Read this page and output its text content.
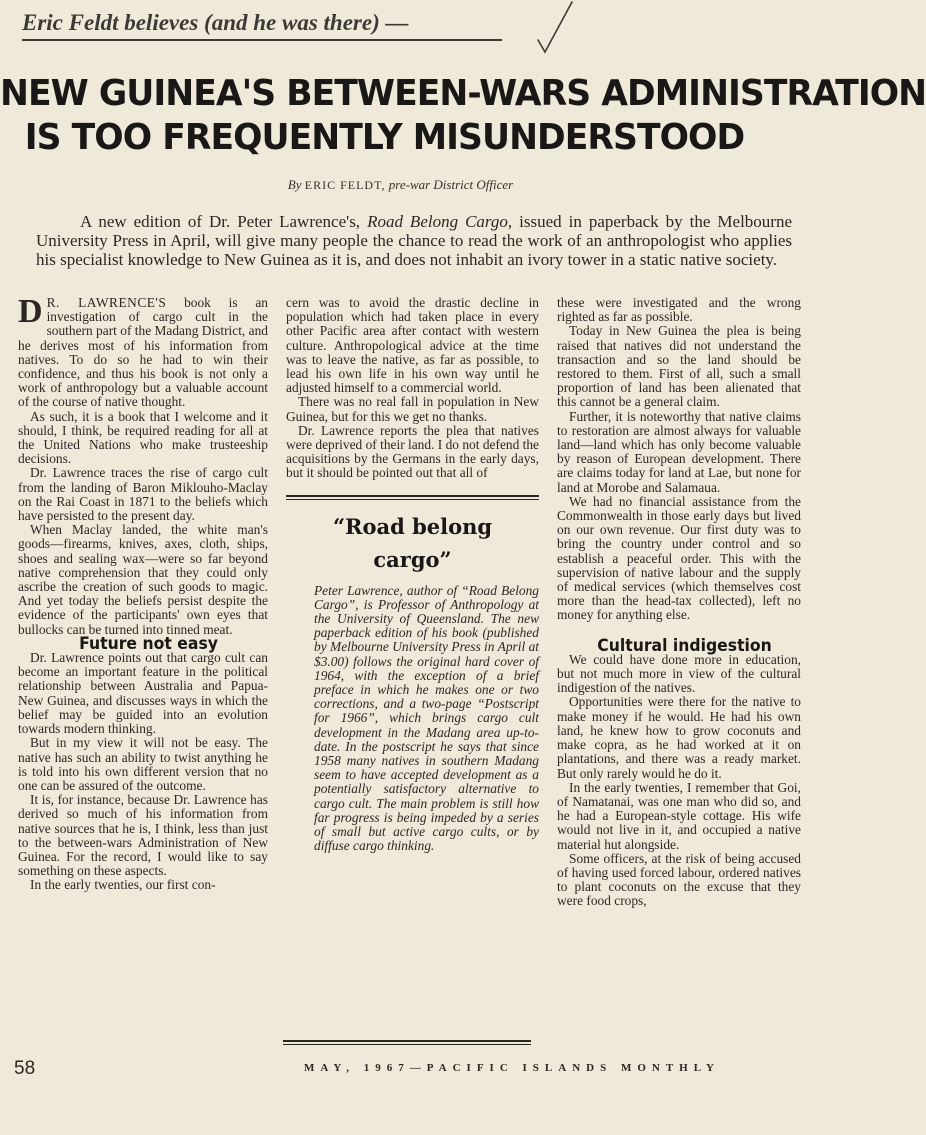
Eric Feldt believes (and he was there) —
NEW GUINEA'S BETWEEN-WARS ADMINISTRATION
IS TOO FREQUENTLY MISUNDERSTOOD
By ERIC FELDT, pre-war District Officer

A new edition of Dr. Peter Lawrence's, Road Belong Cargo, issued in paperback by the Melbourne University Press in April, will give many people the chance to read the work of an anthropologist who applies his specialist knowledge to New Guinea as it is, and does not inhabit an ivory tower in a static native society.

D R. LAWRENCE'S book is an investigation of cargo cult in the southern part of the Madang District, and he derives most of his information from natives. To do so he had to win their confidence, and thus his book is not only a work of anthropology but a valuable account of the course of native thought.

As such, it is a book that I welcome and it should, I think, be required reading for all at the United Nations who make trusteeship decisions.

Dr. Lawrence traces the rise of cargo cult from the landing of Baron Miklouho-Maclay on the Rai Coast in 1871 to the beliefs which have persisted to the present day.

When Maclay landed, the white man's goods—firearms, knives, axes, cloth, ships, shoes and sealing wax—were so far beyond native comprehension that they could only ascribe the creation of such goods to magic. And yet today the beliefs persist despite the evidence of the participants' own eyes that bullocks can be turned into tinned meat.

Future not easy

Dr. Lawrence points out that cargo cult can become an important feature in the political relationship between Australia and Papua-New Guinea, and discusses ways in which the belief may be guided into an evolution towards modern thinking.

But in my view it will not be easy. The native has such an ability to twist anything he is told into his own different version that no one can be assured of the outcome.

It is, for instance, because Dr. Lawrence has derived so much of his information from native sources that he is, I think, less than just to the between-wars Administration of New Guinea. For the record, I would like to say something on these aspects.

In the early twenties, our first con-

cern was to avoid the drastic decline in population which had taken place in every other Pacific area after contact with western culture. Anthropological advice at the time was to leave the native, as far as possible, to lead his own life in his own way until he adjusted himself to a commercial world.

There was no real fall in population in New Guinea, but for this we get no thanks.

Dr. Lawrence reports the plea that natives were deprived of their land. I do not defend the acquisitions by the Germans in the early days, but it should be pointed out that all of

“Road belong
cargo”

Peter Lawrence, author of “Road Belong Cargo”, is Professor of Anthropology at the University of Queensland. The new paperback edition of his book (published by Melbourne University Press in April at $3.00) follows the original hard cover of 1964, with the exception of a brief preface in which he makes one or two corrections, and a two-page “Postscript for 1966”, which brings cargo cult development in the Madang area up-to-date. In the postscript he says that since 1958 many natives in southern Madang seem to have accepted development as a potentially satisfactory alternative to cargo cult. The main problem is still how far progress is being impeded by a series of small but active cargo cults, or by diffuse cargo thinking.

these were investigated and the wrong righted as far as possible.

Today in New Guinea the plea is being raised that natives did not understand the transaction and so the land should be restored to them. First of all, such a small proportion of land has been alienated that this cannot be a general claim.

Further, it is noteworthy that native claims to restoration are almost always for valuable land—land which has only become valuable by reason of European development. There are claims today for land at Lae, but none for land at Morobe and Salamaua.

We had no financial assistance from the Commonwealth in those early days but lived on our own revenue. Our first duty was to bring the country under control and so establish a peaceful order. This with the supervision of native labour and the supply of medical services (which themselves cost more than the head-tax collected), left no money for anything else.

Cultural indigestion

We could have done more in education, but not much more in view of the cultural indigestion of the natives.

Opportunities were there for the native to make money if he would. He had his own land, he knew how to grow coconuts and make copra, as he had worked at it on plantations, and there was a ready market. But only rarely would he do it.

In the early twenties, I remember that Goi, of Namatanai, was one man who did so, and he had a European-style cottage. His wife would not live in it, and occupied a native material hut alongside.

Some officers, at the risk of being accused of having used forced labour, ordered natives to plant coconuts on the excuse that they were food crops,

58	MAY, 1967—PACIFIC ISLANDS MONTHLY
